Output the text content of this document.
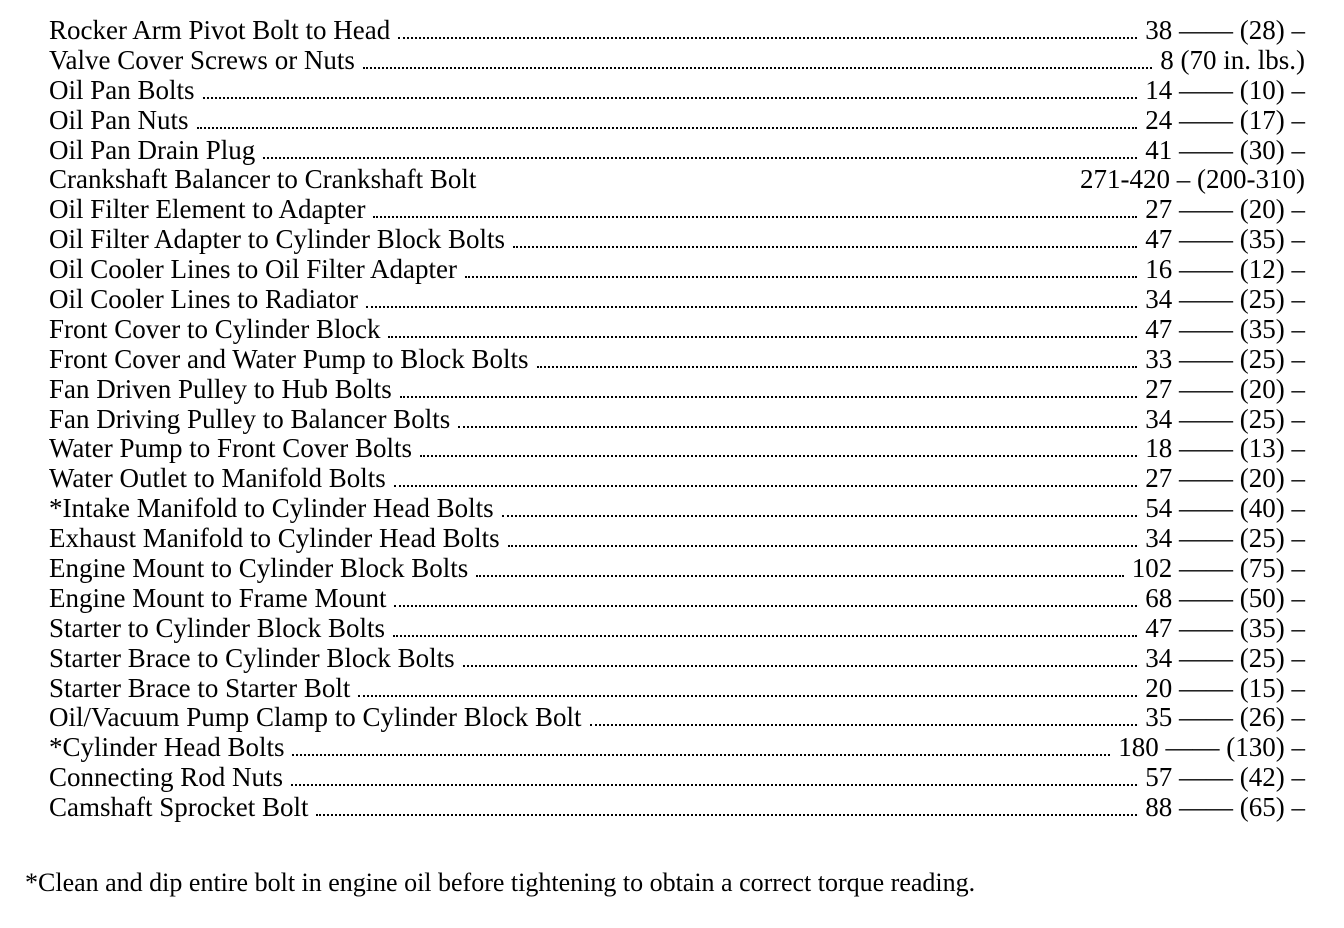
Rocker Arm Pivot Bolt to Head	38 —— (28) –
Valve Cover Screws or Nuts	8 (70 in. lbs.)
Oil Pan Bolts	14 —— (10) –
Oil Pan Nuts	24 —— (17) –
Oil Pan Drain Plug	41 —— (30) –
Crankshaft Balancer to Crankshaft Bolt	271-420 – (200-310)
Oil Filter Element to Adapter	27 —— (20) –
Oil Filter Adapter to Cylinder Block Bolts	47 —— (35) –
Oil Cooler Lines to Oil Filter Adapter	16 —— (12) –
Oil Cooler Lines to Radiator	34 —— (25) –
Front Cover to Cylinder Block	47 —— (35) –
Front Cover and Water Pump to Block Bolts	33 —— (25) –
Fan Driven Pulley to Hub Bolts	27 —— (20) –
Fan Driving Pulley to Balancer Bolts	34 —— (25) –
Water Pump to Front Cover Bolts	18 —— (13) –
Water Outlet to Manifold Bolts	27 —— (20) –
*Intake Manifold to Cylinder Head Bolts	54 —— (40) –
Exhaust Manifold to Cylinder Head Bolts	34 —— (25) –
Engine Mount to Cylinder Block Bolts	102 —— (75) –
Engine Mount to Frame Mount	68 —— (50) –
Starter to Cylinder Block Bolts	47 —— (35) –
Starter Brace to Cylinder Block Bolts	34 —— (25) –
Starter Brace to Starter Bolt	20 —— (15) –
Oil/Vacuum Pump Clamp to Cylinder Block Bolt	35 —— (26) –
*Cylinder Head Bolts	180 —— (130) –
Connecting Rod Nuts	57 —— (42) –
Camshaft Sprocket Bolt	88 —— (65) –
*Clean and dip entire bolt in engine oil before tightening to obtain a correct torque reading.
